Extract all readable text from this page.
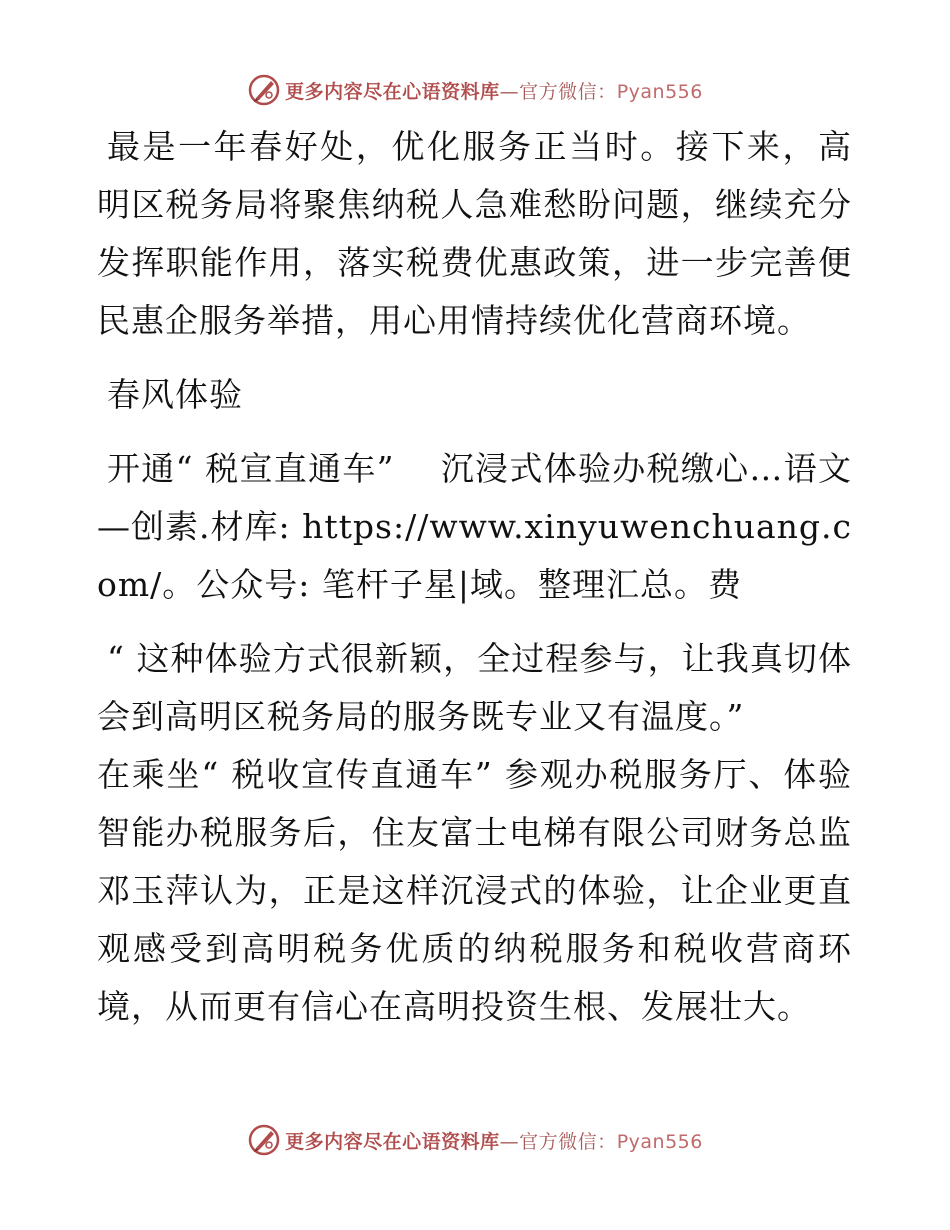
更多内容尽在心语资料库—官方微信：Pyan556

最是一年春好处，优化服务正当时。接下来，高明区税务局将聚焦纳税人急难愁盼问题，继续充分发挥职能作用，落实税费优惠政策，进一步完善便民惠企服务举措，用心用情持续优化营商环境。

春风体验

开通“ 税宣直通车”　 沉浸式体验办税缴心…语文—创素.材库: https://www.xinyuwenchuang.com/。公众号: 笔杆子星|域。整理汇总。费

“ 这种体验方式很新颖，全过程参与，让我真切体会到高明区税务局的服务既专业又有温度。”

在乘坐“ 税收宣传直通车” 参观办税服务厅、体验智能办税服务后，住友富士电梯有限公司财务总监邓玉萍认为，正是这样沉浸式的体验，让企业更直观感受到高明税务优质的纳税服务和税收营商环境，从而更有信心在高明投资生根、发展壮大。

更多内容尽在心语资料库—官方微信：Pyan556
